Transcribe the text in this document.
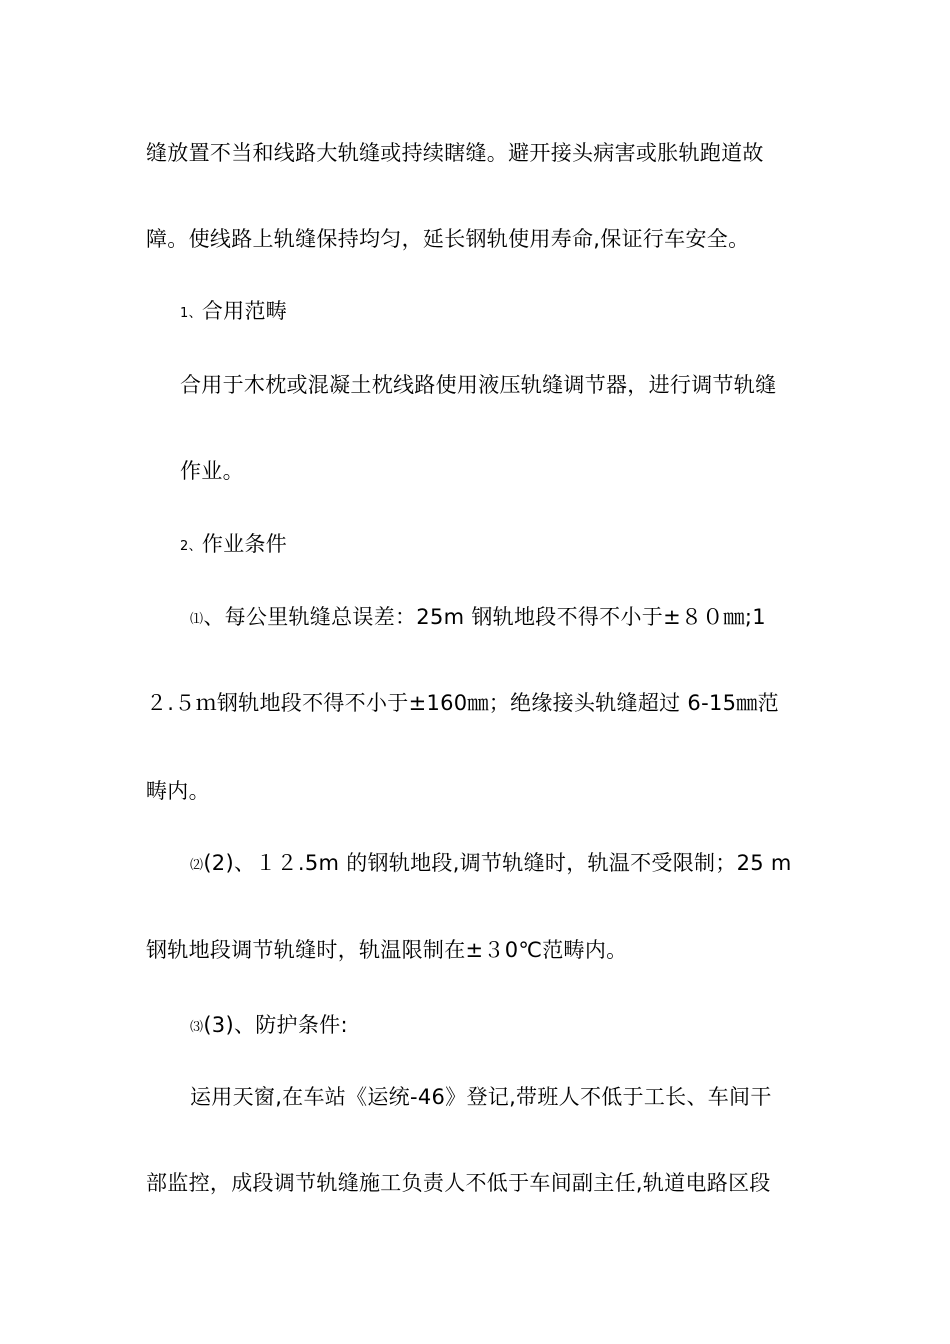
缝放置不当和线路大轨缝或持续瞎缝。避开接头病害或胀轨跑道故
障。使线路上轨缝保持均匀，延长钢轨使用寿命,保证行车安全。
1、合用范畴
合用于木枕或混凝土枕线路使用液压轨缝调节器，进行调节轨缝
作业。
2、作业条件
⑴、每公里轨缝总误差：25m 钢轨地段不得不小于±８０㎜;1
２.５ｍ钢轨地段不得不小于±160㎜；绝缘接头轨缝超过 6-15㎜范
畴内。
⑵(2)、１２.5m 的钢轨地段,调节轨缝时，轨温不受限制；25 m
钢轨地段调节轨缝时，轨温限制在±３0℃范畴内。
⑶(3)、防护条件:
运用天窗,在车站《运统-46》登记,带班人不低于工长、车间干
部监控，成段调节轨缝施工负责人不低于车间副主任,轨道电路区段
